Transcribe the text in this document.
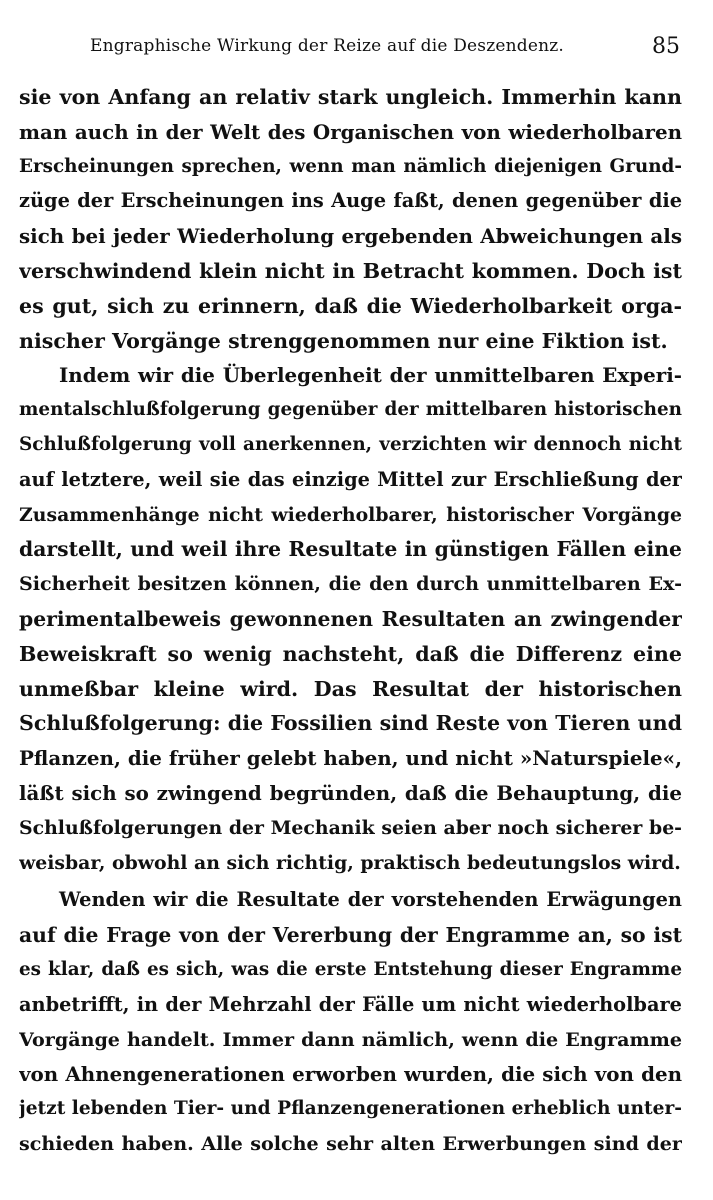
Engraphische Wirkung der Reize auf die Deszendenz.	85
sie von Anfang an relativ stark ungleich. Immerhin kann
man auch in der Welt des Organischen von wiederholbaren
Erscheinungen sprechen, wenn man nämlich diejenigen Grund-
züge der Erscheinungen ins Auge faßt, denen gegenüber die
sich bei jeder Wiederholung ergebenden Abweichungen als
verschwindend klein nicht in Betracht kommen. Doch ist
es gut, sich zu erinnern, daß die Wiederholbarkeit orga-
nischer Vorgänge strenggenommen nur eine Fiktion ist.
Indem wir die Überlegenheit der unmittelbaren Experi-
mentalschlußfolgerung gegenüber der mittelbaren historischen
Schlußfolgerung voll anerkennen, verzichten wir dennoch nicht
auf letztere, weil sie das einzige Mittel zur Erschließung der
Zusammenhänge nicht wiederholbarer, historischer Vorgänge
darstellt, und weil ihre Resultate in günstigen Fällen eine
Sicherheit besitzen können, die den durch unmittelbaren Ex-
perimentalbeweis gewonnenen Resultaten an zwingender
Beweiskraft so wenig nachsteht, daß die Differenz eine
unmeßbar kleine wird. Das Resultat der historischen
Schlußfolgerung: die Fossilien sind Reste von Tieren und
Pflanzen, die früher gelebt haben, und nicht »Naturspiele«,
läßt sich so zwingend begründen, daß die Behauptung, die
Schlußfolgerungen der Mechanik seien aber noch sicherer be-
weisbar, obwohl an sich richtig, praktisch bedeutungslos wird.
Wenden wir die Resultate der vorstehenden Erwägungen
auf die Frage von der Vererbung der Engramme an, so ist
es klar, daß es sich, was die erste Entstehung dieser Engramme
anbetrifft, in der Mehrzahl der Fälle um nicht wiederholbare
Vorgänge handelt. Immer dann nämlich, wenn die Engramme
von Ahnengenerationen erworben wurden, die sich von den
jetzt lebenden Tier- und Pflanzengenerationen erheblich unter-
schieden haben. Alle solche sehr alten Erwerbungen sind der
